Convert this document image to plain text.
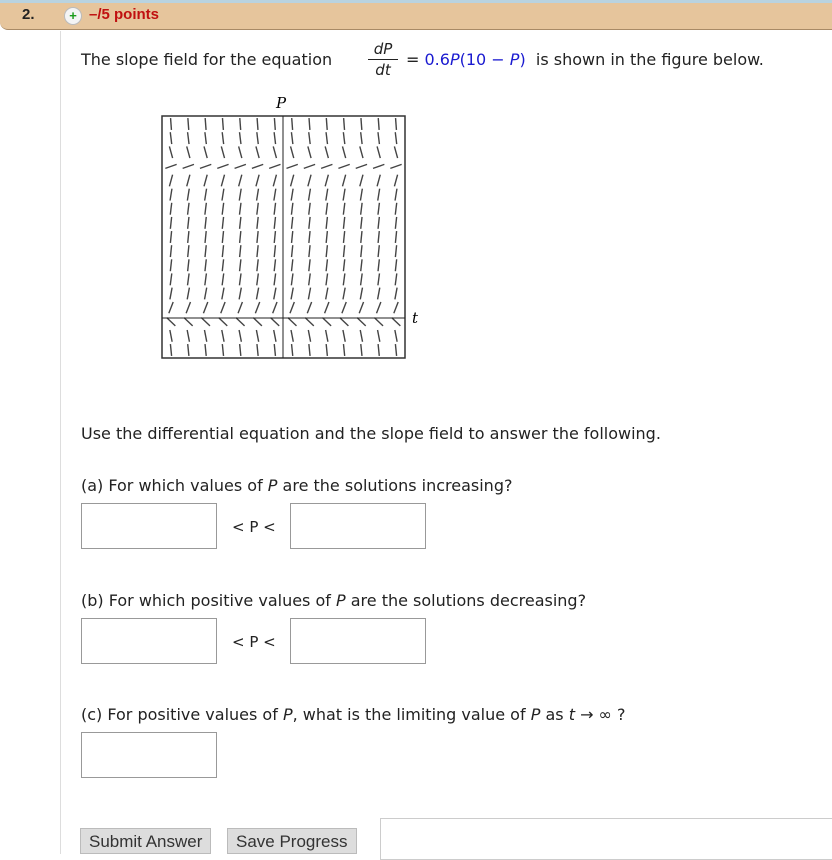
2.	+ –/5 points
The slope field for the equation
dP
dt
= 0.6P(10 − P) is shown in the figure below.
P
t
Use the differential equation and the slope field to answer the following.
(a) For which values of P are the solutions increasing?
< P <
(b) For which positive values of P are the solutions decreasing?
< P <
(c) For positive values of P, what is the limiting value of P as t → ∞ ?
Submit Answer	Save Progress
